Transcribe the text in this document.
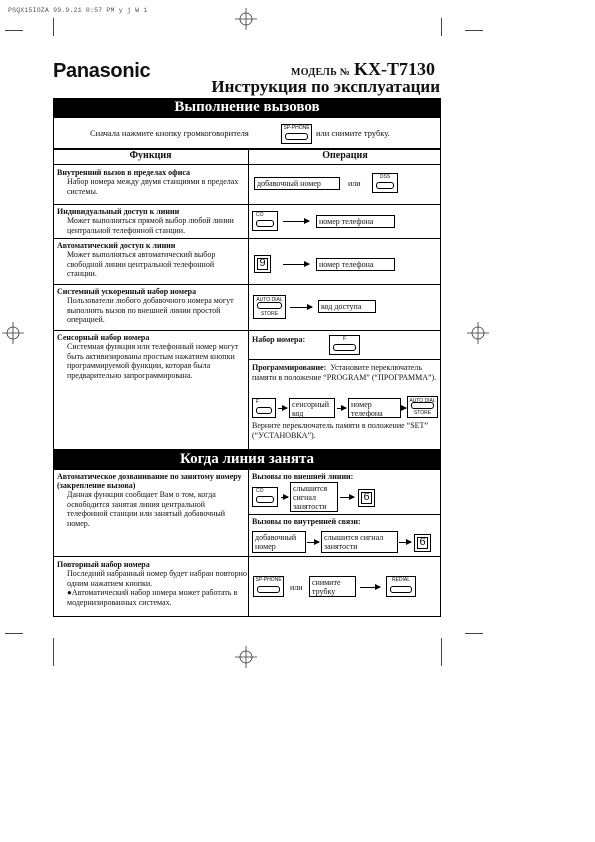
PSQX15IOZA 99.9.21 0:57 PM у j W 1
Panasonic	МОДЕЛЬ № KX-T7130
Инструкция по эксплуатации
Выполнение вызовов
Сначала нажмите кнопку громкоговорителя	SP-PHONE или снимите трубку.
Функция	Операция
Внутренний вызов в пределах офиса
Набор номера между двумя станциями в пределах системы.
добавочный номер	или
DSS
Индивидуальный доступ к линии
Может выполняться прямой выбор любой линии центральной телефонной станции.
CO
номер телефона
Автоматический доступ к линии
Может выполняться автоматический выбор свободной линии центральной телефонной станции.
9	номер телефона
Системный ускоренный набор номера
Пользователи любого добавочного номера могут выполнять вызов по внешней линии простой операцией.
AUTO DIAL
STORE
код доступа
Сенсорный набор номера
Системная функция или телефонный номер могут быть активизированы простым нажатием кнопки программируемой функции, которая была предварительно запрограммирована.
Набор номера:	F
Программирование: Установите переключатель памяти в положение “PROGRAM” (“ПРОГРАММА”).
F	сенсорный код
номер телефона
AUTO DIAL
STORE
Верните переключатель памяти в положение “SET” (“УСТАНОВКА”).
Когда линия занята
Автоматическое дозванивание по занятому номеру (закрепление вызова)
Данная функция сообщает Вам о том, когда освободится занятая линия центральной телефонной станции или занятый добавочный номер.
Вызовы по внешней линии:
CO	слышится сигнал занятости
6
Вызовы по внутренней связи:
добавочный номер
слышится сигнал занятости	6
Повторный набор номера
Последний набранный номер будет набран повторно одним нажатием кнопки.
●Автоматический набор номера может работать в модернизированных системах.
SP-PHONE
или
снимите трубку
REDIAL
